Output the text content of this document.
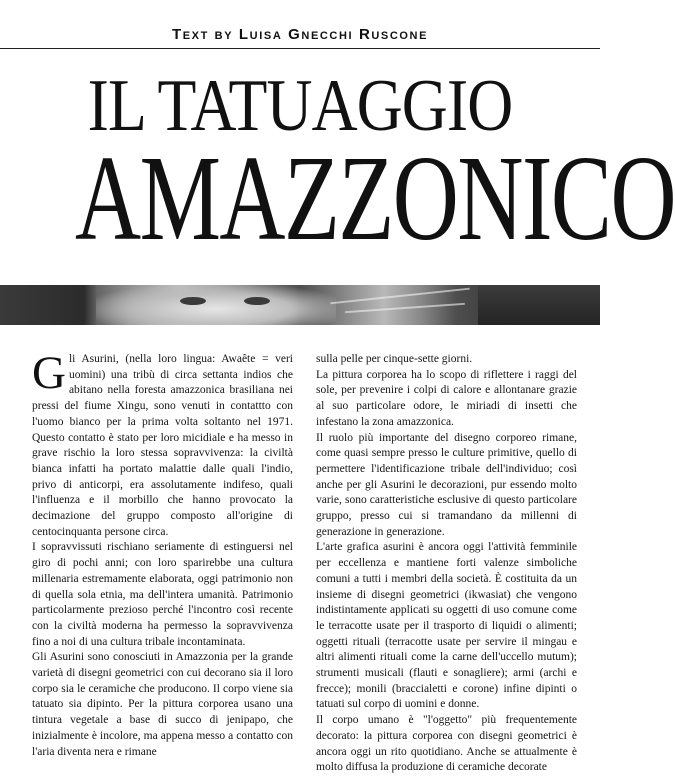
Text by Luisa Gnecchi Ruscone
IL TATUAGGIO
AMAZZONICO

Gli Asurini, (nella loro lingua: Awaête = veri uomini) una tribù di circa settanta indios che abitano nella foresta amazzonica brasiliana nei pressi del fiume Xingu, sono venuti in contattto con l'uomo bianco per la prima volta soltanto nel 1971. Questo contatto è stato per loro micidiale e ha messo in grave rischio la loro stessa sopravvivenza: la civiltà bianca infatti ha portato malattie dalle quali l'indio, privo di anticorpi, era assolutamente indifeso, quali l'influenza e il morbillo che hanno provocato la decimazione del gruppo composto all'origine di centocinquanta persone circa.

I sopravvissuti rischiano seriamente di estinguersi nel giro di pochi anni; con loro sparirebbe una cultura millenaria estremamente elaborata, oggi patrimonio non di quella sola etnia, ma dell'intera umanità. Patrimonio particolarmente prezioso perché l'incontro così recente con la civiltà moderna ha permesso la sopravvivenza fino a noi di una cultura tribale incontaminata.

Gli Asurini sono conosciuti in Amazzonia per la grande varietà di disegni geometrici con cui decorano sia il loro corpo sia le ceramiche che producono. Il corpo viene sia tatuato sia dipinto. Per la pittura corporea usano una tintura vegetale a base di succo di jenipapo, che inizialmente è incolore, ma appena messo a contatto con l'aria diventa nera e rimane

sulla pelle per cinque-sette giorni.

La pittura corporea ha lo scopo di riflettere i raggi del sole, per prevenire i colpi di calore e allontanare grazie al suo particolare odore, le miriadi di insetti che infestano la zona amazzonica.

Il ruolo più importante del disegno corporeo rimane, come quasi sempre presso le culture primitive, quello di permettere l'identificazione tribale dell'individuo; così anche per gli Asurini le decorazioni, pur essendo molto varie, sono caratteristiche esclusive di questo particolare gruppo, presso cui si tramandano da millenni di generazione in generazione.

L'arte grafica asurini è ancora oggi l'attività femminile per eccellenza e mantiene forti valenze simboliche comuni a tutti i membri della società. È costituita da un insieme di disegni geometrici (ikwasiat) che vengono indistintamente applicati su oggetti di uso comune come le terracotte usate per il trasporto di liquidi o alimenti; oggetti rituali (terracotte usate per servire il mingau e altri alimenti rituali come la carne dell'uccello mutum); strumenti musicali (flauti e sonagliere); armi (archi e frecce); monili (braccialetti e corone) infine dipinti o tatuati sul corpo di uomini e donne.

Il corpo umano è "l'oggetto" più frequentemente decorato: la pittura corporea con disegni geometrici è ancora oggi un rito quotidiano. Anche se attualmente è molto diffusa la produzione di ceramiche decorate
